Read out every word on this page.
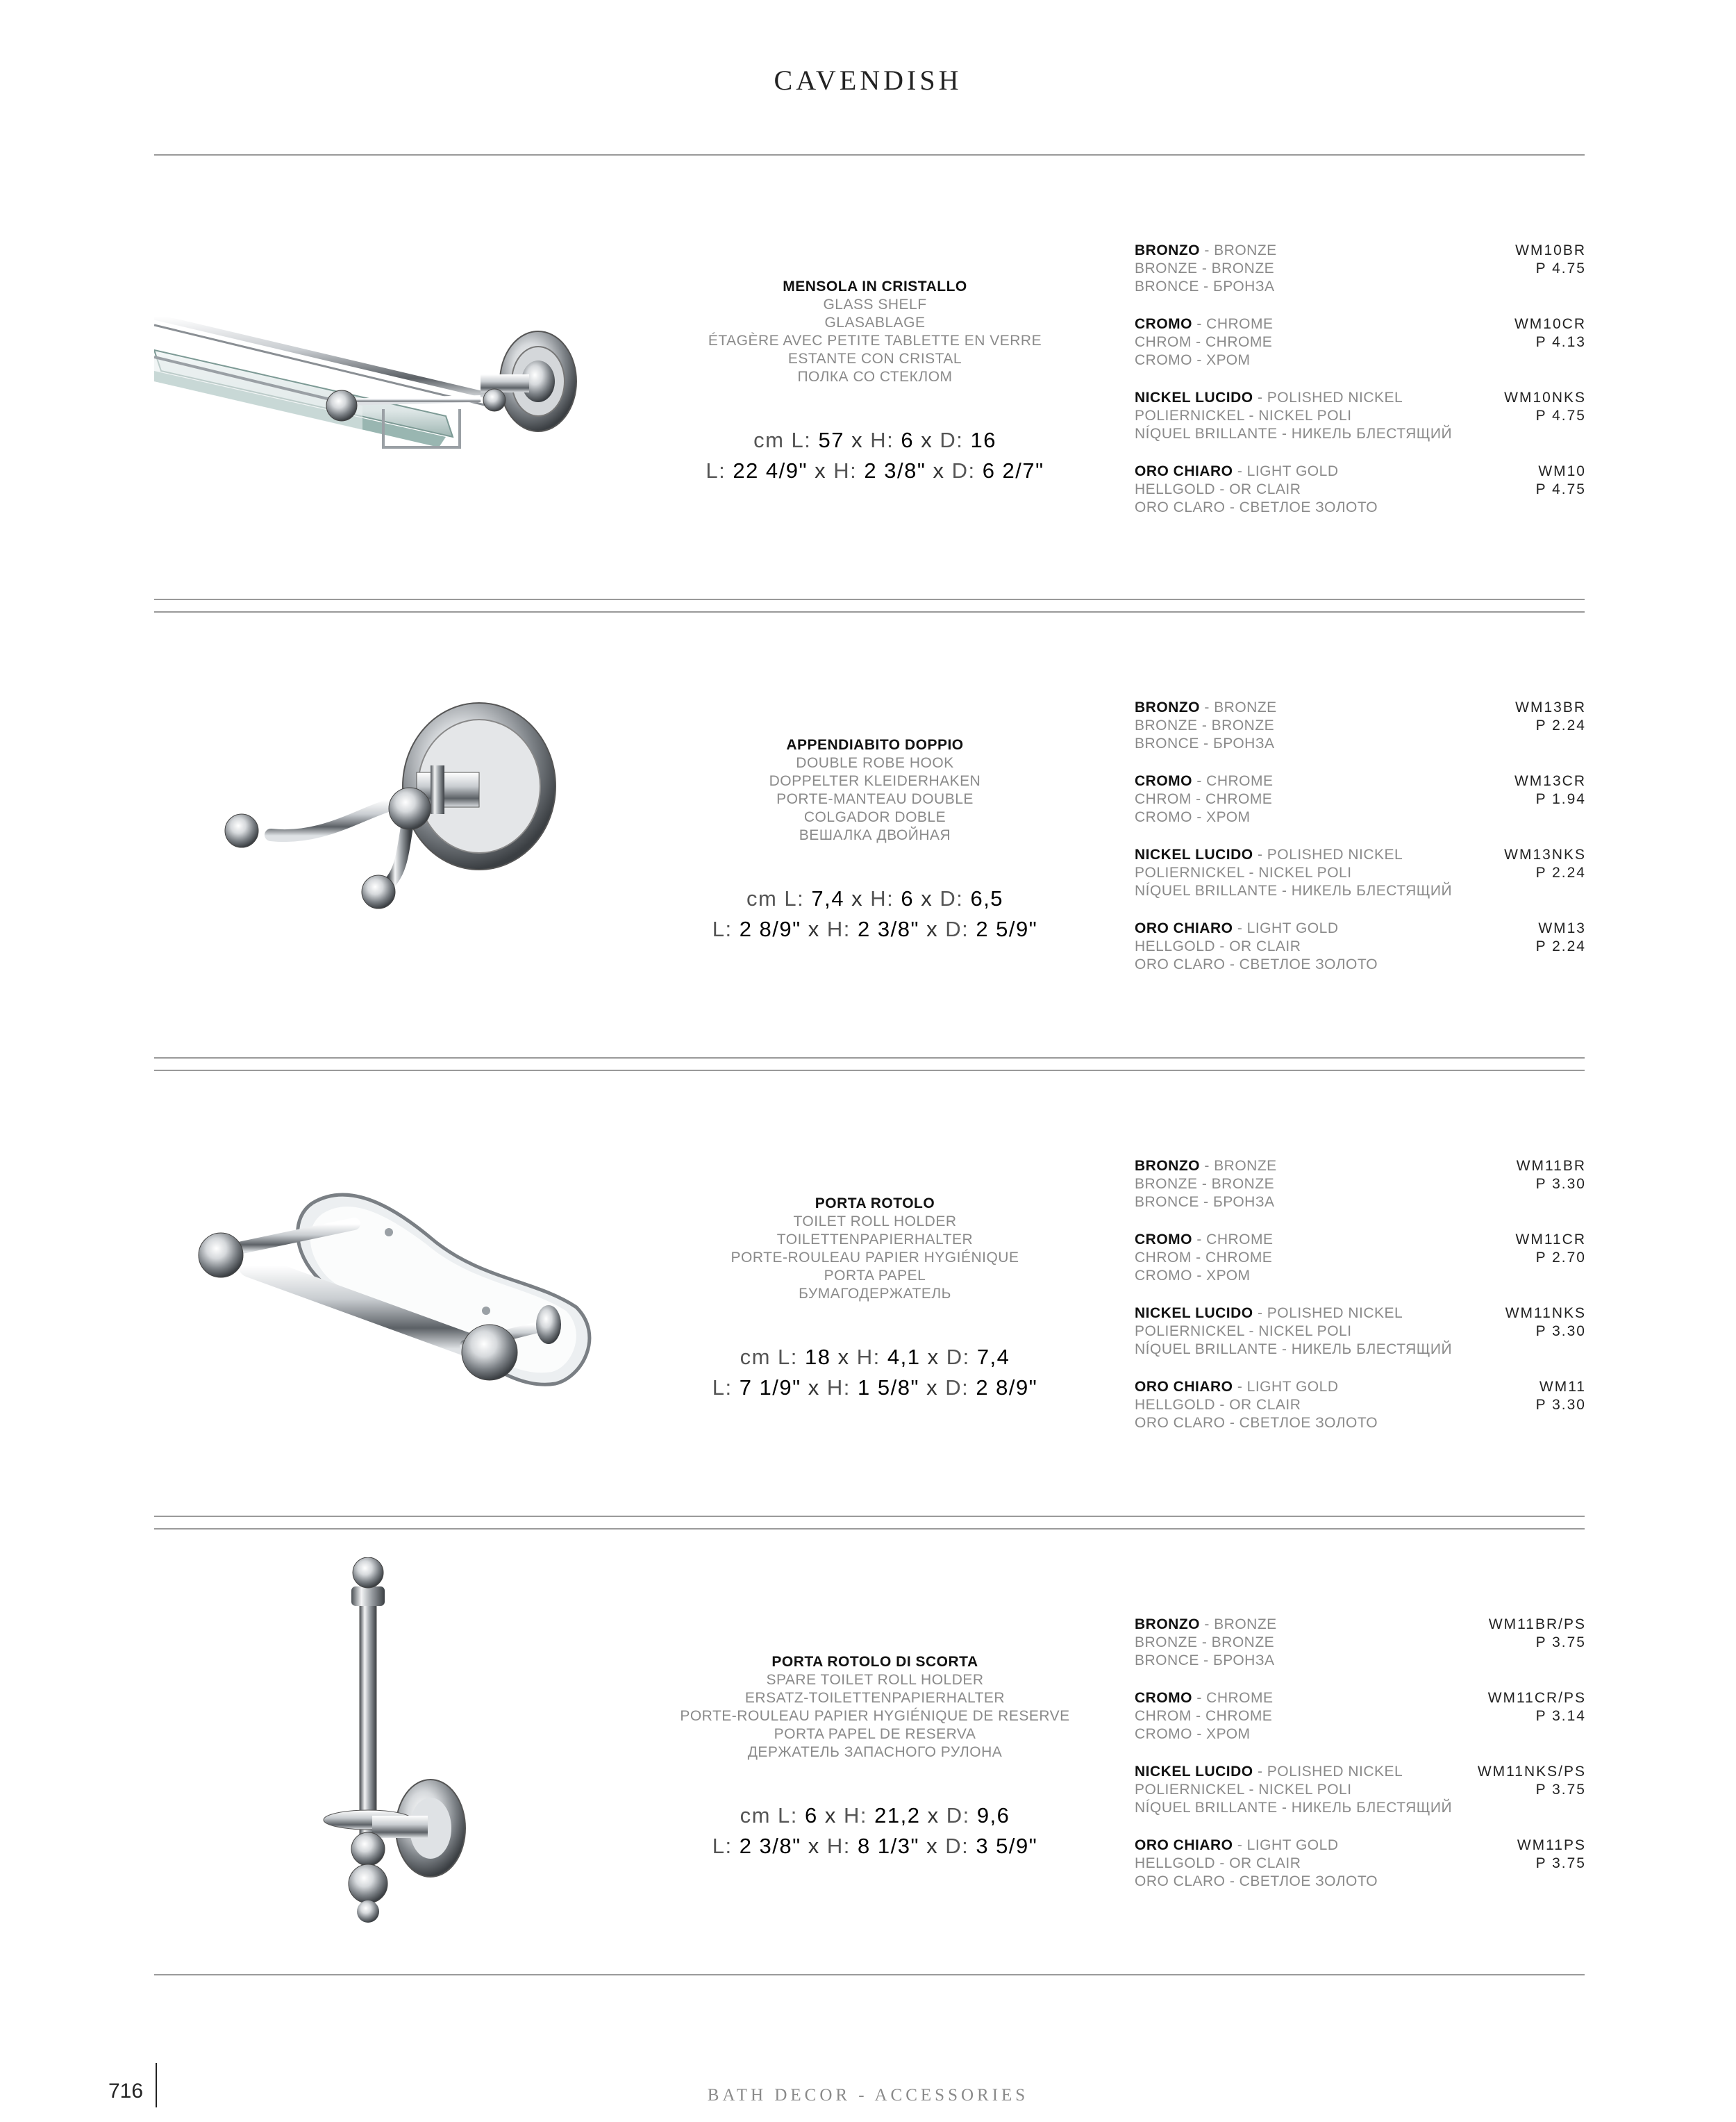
CAVENDISH
MENSOLA IN CRISTALLO
GLASS SHELF
GLASABLAGE
ÉTAGÈRE AVEC PETITE TABLETTE EN VERRE
ESTANTE CON CRISTAL
ПОЛКА СО СТЕКЛОМ
cm L: 57 x H: 6 x D: 16
L: 22 4/9" x H: 2 3/8" x D: 6 2/7"
BRONZO - BRONZE
BRONZE - BRONZE
BRONCE - БРОНЗА
WM10BR
P 4.75
CROMO - CHROME
CHROM - CHROME
CROMO - ХРОМ
WM10CR
P 4.13
NICKEL LUCIDO - POLISHED NICKEL
POLIERNICKEL - NICKEL POLI
NÍQUEL BRILLANTE - НИКЕЛЬ БЛЕСТЯЩИЙ
WM10NKS
P 4.75
ORO CHIARO - LIGHT GOLD
HELLGOLD - OR CLAIR
ORO CLARO - СВЕТЛОЕ ЗОЛОТО
WM10
P 4.75
APPENDIABITO DOPPIO
DOUBLE ROBE HOOK
DOPPELTER KLEIDERHAKEN
PORTE-MANTEAU DOUBLE
COLGADOR DOBLE
ВЕШАЛКА ДВОЙНАЯ
cm L: 7,4 x H: 6 x D: 6,5
L: 2 8/9" x H: 2 3/8" x D: 2 5/9"
BRONZO - BRONZE
BRONZE - BRONZE
BRONCE - БРОНЗА
WM13BR
P 2.24
CROMO - CHROME
CHROM - CHROME
CROMO - ХРОМ
WM13CR
P 1.94
NICKEL LUCIDO - POLISHED NICKEL
POLIERNICKEL - NICKEL POLI
NÍQUEL BRILLANTE - НИКЕЛЬ БЛЕСТЯЩИЙ
WM13NKS
P 2.24
ORO CHIARO - LIGHT GOLD
HELLGOLD - OR CLAIR
ORO CLARO - СВЕТЛОЕ ЗОЛОТО
WM13
P 2.24
PORTA ROTOLO
TOILET ROLL HOLDER
TOILETTENPAPIERHALTER
PORTE-ROULEAU PAPIER HYGIÉNIQUE
PORTA PAPEL
БУМАГОДЕРЖАТЕЛЬ
cm L: 18 x H: 4,1 x D: 7,4
L: 7 1/9" x H: 1 5/8" x D: 2 8/9"
BRONZO - BRONZE
BRONZE - BRONZE
BRONCE - БРОНЗА
WM11BR
P 3.30
CROMO - CHROME
CHROM - CHROME
CROMO - ХРОМ
WM11CR
P 2.70
NICKEL LUCIDO - POLISHED NICKEL
POLIERNICKEL - NICKEL POLI
NÍQUEL BRILLANTE - НИКЕЛЬ БЛЕСТЯЩИЙ
WM11NKS
P 3.30
ORO CHIARO - LIGHT GOLD
HELLGOLD - OR CLAIR
ORO CLARO - СВЕТЛОЕ ЗОЛОТО
WM11
P 3.30
PORTA ROTOLO DI SCORTA
SPARE TOILET ROLL HOLDER
ERSATZ-TOILETTENPAPIERHALTER
PORTE-ROULEAU PAPIER HYGIÉNIQUE DE RESERVE
PORTA PAPEL DE RESERVA
ДЕРЖАТЕЛЬ ЗАПАСНОГО РУЛОНА
cm L: 6 x H: 21,2 x D: 9,6
L: 2 3/8" x H: 8 1/3" x D: 3 5/9"
BRONZO - BRONZE
BRONZE - BRONZE
BRONCE - БРОНЗА
WM11BR/PS
P 3.75
CROMO - CHROME
CHROM - CHROME
CROMO - ХРОМ
WM11CR/PS
P 3.14
NICKEL LUCIDO - POLISHED NICKEL
POLIERNICKEL - NICKEL POLI
NÍQUEL BRILLANTE - НИКЕЛЬ БЛЕСТЯЩИЙ
WM11NKS/PS
P 3.75
ORO CHIARO - LIGHT GOLD
HELLGOLD - OR CLAIR
ORO CLARO - СВЕТЛОЕ ЗОЛОТО
WM11PS
P 3.75
716	BATH DECOR - ACCESSORIES
